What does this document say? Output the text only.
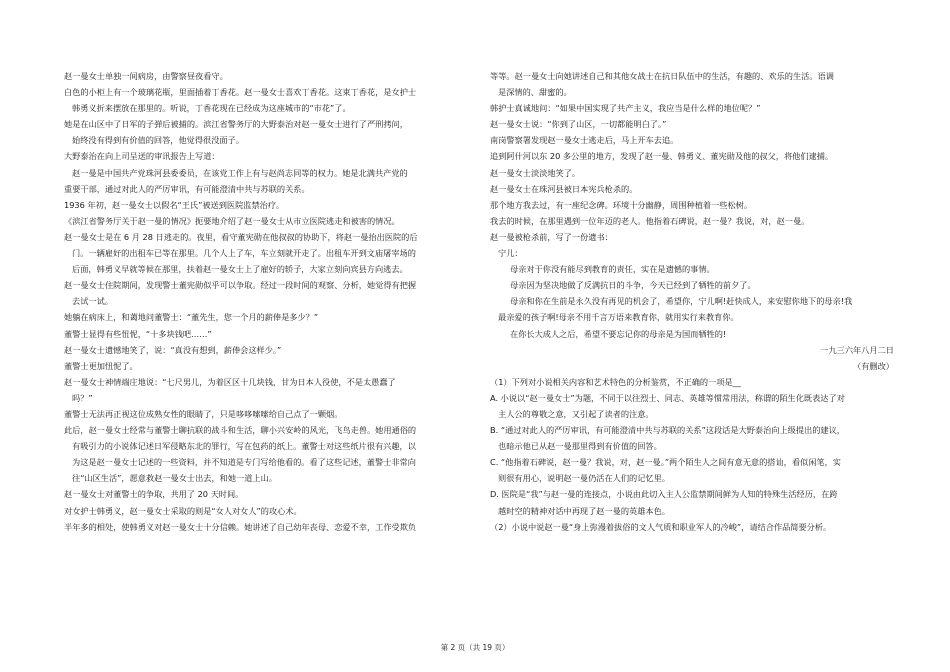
赵一曼女士单独一间病房，由警察昼夜看守。

白色的小柜上有一个玻璃花瓶，里面插着丁香花。赵一曼女士喜欢丁香花。这束丁香花，是女护士

韩勇义折来摆放在那里的。听说，丁香花现在已经成为这座城市的“市花”了。

她是在山区中了日军的子弹后被捕的。滨江省警务厅的大野泰治对赵一曼女士进行了严刑拷问，

始终没有得到有价值的回答，他觉得很没面子。

大野泰治在向上司呈送的审讯报告上写道：

赵一曼是中国共产党珠河县委委员，在该党工作上有与赵尚志同等的权力。她是北满共产党的

重要干部，通过对此人的严厉审讯，有可能澄清中共与苏联的关系。

1936 年初，赵一曼女士以假名“王氏”被送到医院监禁治疗。

《滨江省警务厅关于赵一曼的情况》扼要地介绍了赵一曼女士从市立医院逃走和被害的情况。

赵一曼女士是在 6 月 28 日逃走的。夜里，看守董宪勋在他叔叔的协助下，将赵一曼抬出医院的后

门。一辆雇好的出租车已等在那里。几个人上了车，车立刻就开走了。出租车开到文庙屠宰场的

后面，韩勇义早就等候在那里，扶着赵一曼女士上了雇好的轿子，大家立刻向宾县方向逃去。

赵一曼女士住院期间，发现警士董宪勋似乎可以争取。经过一段时间的观察、分析，她觉得有把握

去试一试。

她躺在病床上，和蔼地问董警士：“董先生，您一个月的薪俸是多少？”

董警士显得有些忸怩，“十多块钱吧……”

赵一曼女士遗憾地笑了，说：“真没有想到，薪俸会这样少。”

董警士更加忸怩了。

赵一曼女士神情端庄地说：“七尺男儿，为着区区十几块钱，甘为日本人役使，不是太愚蠢了

吗？”

董警士无法再正视这位成熟女性的眼睛了，只是哆哆嗦嗦给自己点了一颗烟。

此后，赵一曼女士经常与董警士聊抗联的战斗和生活，聊小兴安岭的风光，飞鸟走兽。她用通俗的

有吸引力的小说体记述日军侵略东北的罪行，写在包药的纸上。董警士对这些纸片很有兴趣，以

为这是赵一曼女士记述的一些资料，并不知道是专门写给他看的。看了这些记述，董警士非常向

往“山区生活”，愿意救赵一曼女士出去，和她一道上山。

赵一曼女士对董警士的争取，共用了 20 天时间。

对女护士韩勇义，赵一曼女士采取的则是“女人对女人”的攻心术。

半年多的相处，使韩勇义对赵一曼女士十分信赖。她讲述了自己幼年丧母、恋爱不幸，工作受欺负

等等。赵一曼女士向她讲述自己和其他女战士在抗日队伍中的生活，有趣的、欢乐的生活。语调

是深情的、甜蜜的。

韩护士真诚地问：“如果中国实现了共产主义，我应当是什么样的地位呢？”

赵一曼女士说：“你到了山区，一切都能明白了。”

南岗警察署发现赵一曼女士逃走后，马上开车去追。

追到阿什河以东 20 多公里的地方，发现了赵一曼、韩勇义、董宪勋及他的叔父，将他们逮捕。

赵一曼女士淡淡地笑了。

赵一曼女士在珠河县被日本宪兵枪杀的。

那个地方我去过，有一座纪念碑。环境十分幽静，周围种植着一些松树。

我去的时候，在那里遇到一位年迈的老人。他指着石碑说，赵一曼？我说，对，赵一曼。

赵一曼被枪杀前，写了一份遗书：

宁儿：

母亲对于你没有能尽到教育的责任，实在是遗憾的事情。

母亲因为坚决地做了反满抗日的斗争，今天已经到了牺牲的前夕了。

母亲和你在生前是永久没有再见的机会了，希望你，宁儿啊!赶快成人，来安慰你地下的母亲!我

最亲爱的孩子啊!母亲不用千言万语来教育你，就用实行来教育你。

在你长大成人之后，希望不要忘记你的母亲是为国而牺牲的!

一九三六年八月二日

（有删改）

（1）下列对小说相关内容和艺术特色的分析鉴赏，不正确的一项是__

A. 小说以“赵一曼女士”为题，不同于以往烈士、同志、英雄等惯常用法，称谓的陌生化既表达了对

主人公的尊敬之意，又引起了读者的注意。

B. “通过对此人的严厉审讯，有可能澄清中共与苏联的关系”这段话是大野泰治向上级提出的建议，

也暗示他已从赵一曼那里得到有价值的回答。

C. “他指着石碑说，赵一曼？我说，对，赵一曼。”两个陌生人之间有意无意的搭讪，看似闲笔，实

则很有用心，说明赵一曼仍活在人们的记忆里。

D. 医院是“我”与赵一曼的连接点，小说由此切入主人公监禁期间鲜为人知的特殊生活经历，在跨

越时空的精神对话中再现了赵一曼的英雄本色。

（2）小说中说赵一曼“身上弥漫着拔俗的文人气质和职业军人的冷峻”，请结合作品简要分析。

第 2 页（共 19 页）
